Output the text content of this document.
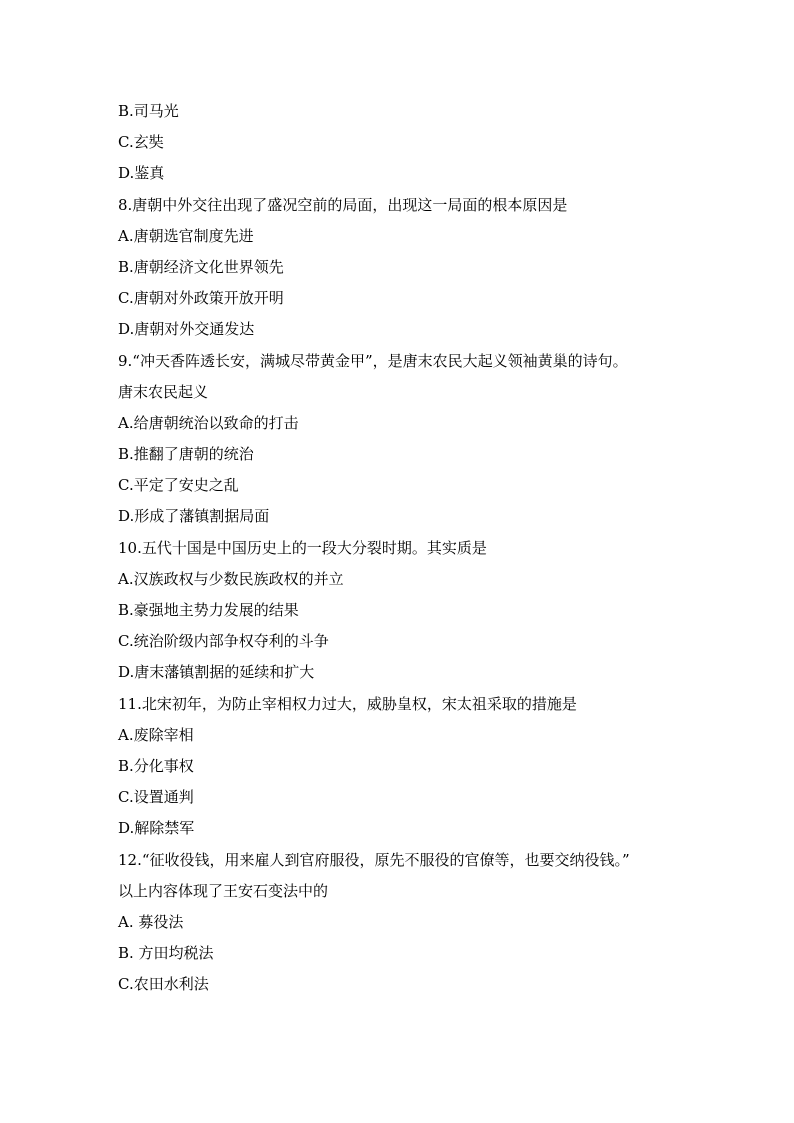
B.司马光
C.玄奘
D.鉴真
8.唐朝中外交往出现了盛况空前的局面，出现这一局面的根本原因是
A.唐朝选官制度先进
B.唐朝经济文化世界领先
C.唐朝对外政策开放开明
D.唐朝对外交通发达
9.“冲天香阵透长安，满城尽带黄金甲”，是唐末农民大起义领袖黄巢的诗句。
唐末农民起义
A.给唐朝统治以致命的打击
B.推翻了唐朝的统治
C.平定了安史之乱
D.形成了藩镇割据局面
10.五代十国是中国历史上的一段大分裂时期。其实质是
A.汉族政权与少数民族政权的并立
B.豪强地主势力发展的结果
C.统治阶级内部争权夺利的斗争
D.唐末藩镇割据的延续和扩大
11.北宋初年，为防止宰相权力过大，威胁皇权，宋太祖采取的措施是
A.废除宰相
B.分化事权
C.设置通判
D.解除禁军
12.“征收役钱，用来雇人到官府服役，原先不服役的官僚等，也要交纳役钱。”
以上内容体现了王安石变法中的
A. 募役法
B. 方田均税法
C.农田水利法
